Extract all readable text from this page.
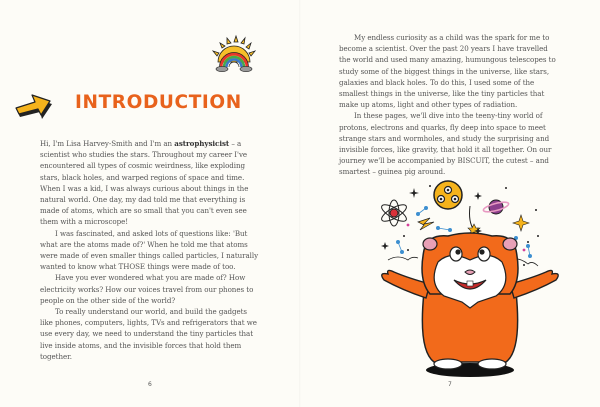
INTRODUCTION

Hi, I'm Lisa Harvey-Smith and I'm an astrophysicist – a scientist who studies the stars. Throughout my career I've encountered all types of cosmic weirdness, like exploding stars, black holes, and warped regions of space and time. When I was a kid, I was always curious about things in the natural world. One day, my dad told me that everything is made of atoms, which are so small that you can't even see them with a microscope!

I was fascinated, and asked lots of questions like: 'But what are the atoms made of?' When he told me that atoms were made of even smaller things called particles, I naturally wanted to know what THOSE things were made of too.

Have you ever wondered what you are made of? How electricity works? How our voices travel from our phones to people on the other side of the world?

To really understand our world, and build the gadgets like phones, computers, lights, TVs and refrigerators that we use every day, we need to understand the tiny particles that live inside atoms, and the invisible forces that hold them together.

6

My endless curiosity as a child was the spark for me to become a scientist. Over the past 20 years I have travelled the world and used many amazing, humungous telescopes to study some of the biggest things in the universe, like stars, galaxies and black holes. To do this, I used some of the smallest things in the universe, like the tiny particles that make up atoms, light and other types of radiation.

In these pages, we'll dive into the teeny-tiny world of protons, electrons and quarks, fly deep into space to meet strange stars and wormholes, and study the surprising and invisible forces, like gravity, that hold it all together. On our journey we'll be accompanied by BISCUIT, the cutest – and smartest – guinea pig around.

7
